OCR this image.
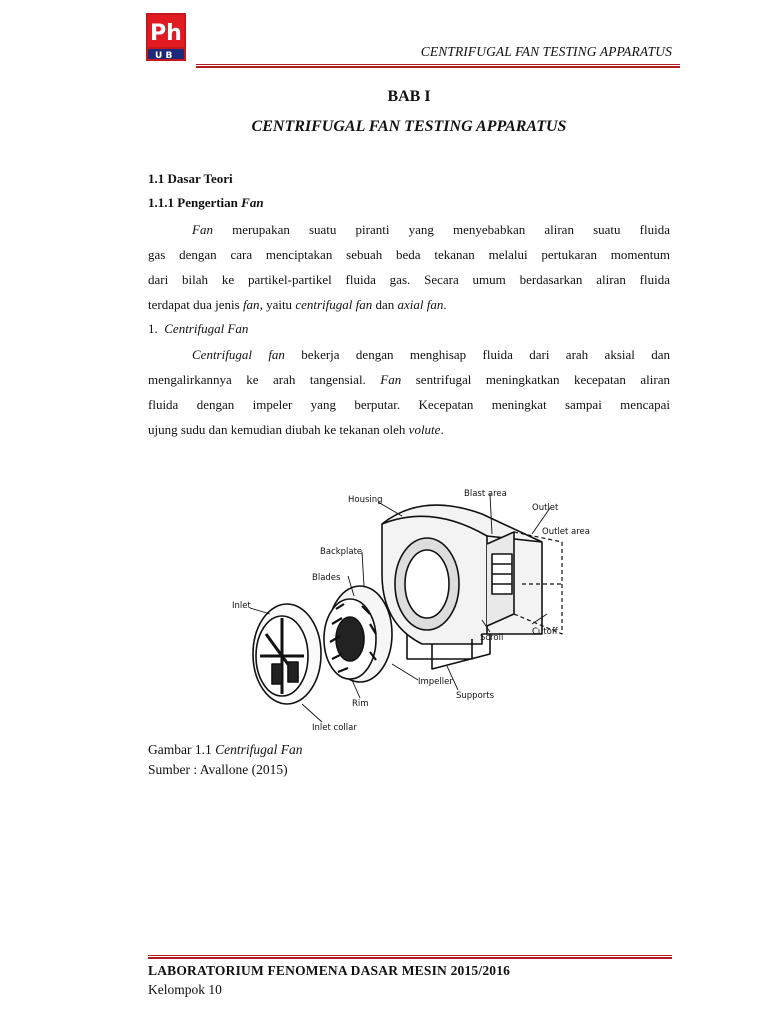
Ph
U B	CENTRIFUGAL FAN TESTING APPARATUS
BAB I
CENTRIFUGAL FAN TESTING APPARATUS
1.1 Dasar Teori
1.1.1 Pengertian Fan
Fan merupakan suatu piranti yang menyebabkan aliran suatu fluida
gas dengan cara menciptakan sebuah beda tekanan melalui pertukaran momentum
dari bilah ke partikel-partikel fluida gas. Secara umum berdasarkan aliran fluida
terdapat dua jenis fan, yaitu centrifugal fan dan axial fan.
1. Centrifugal Fan
Centrifugal fan bekerja dengan menghisap fluida dari arah aksial dan
mengalirkannya ke arah tangensial. Fan sentrifugal meningkatkan kecepatan aliran
fluida dengan impeler yang berputar. Kecepatan meningkat sampai mencapai
ujung sudu dan kemudian diubah ke tekanan oleh volute.
Housing
Blast area
Outlet
Outlet area
Backplate
Blades
Inlet
Scroll
Cutoff
Impeller
Rim
Supports
Inlet collar
Gambar 1.1 Centrifugal Fan
Sumber : Avallone (2015)
LABORATORIUM FENOMENA DASAR MESIN 2015/2016
Kelompok 10
